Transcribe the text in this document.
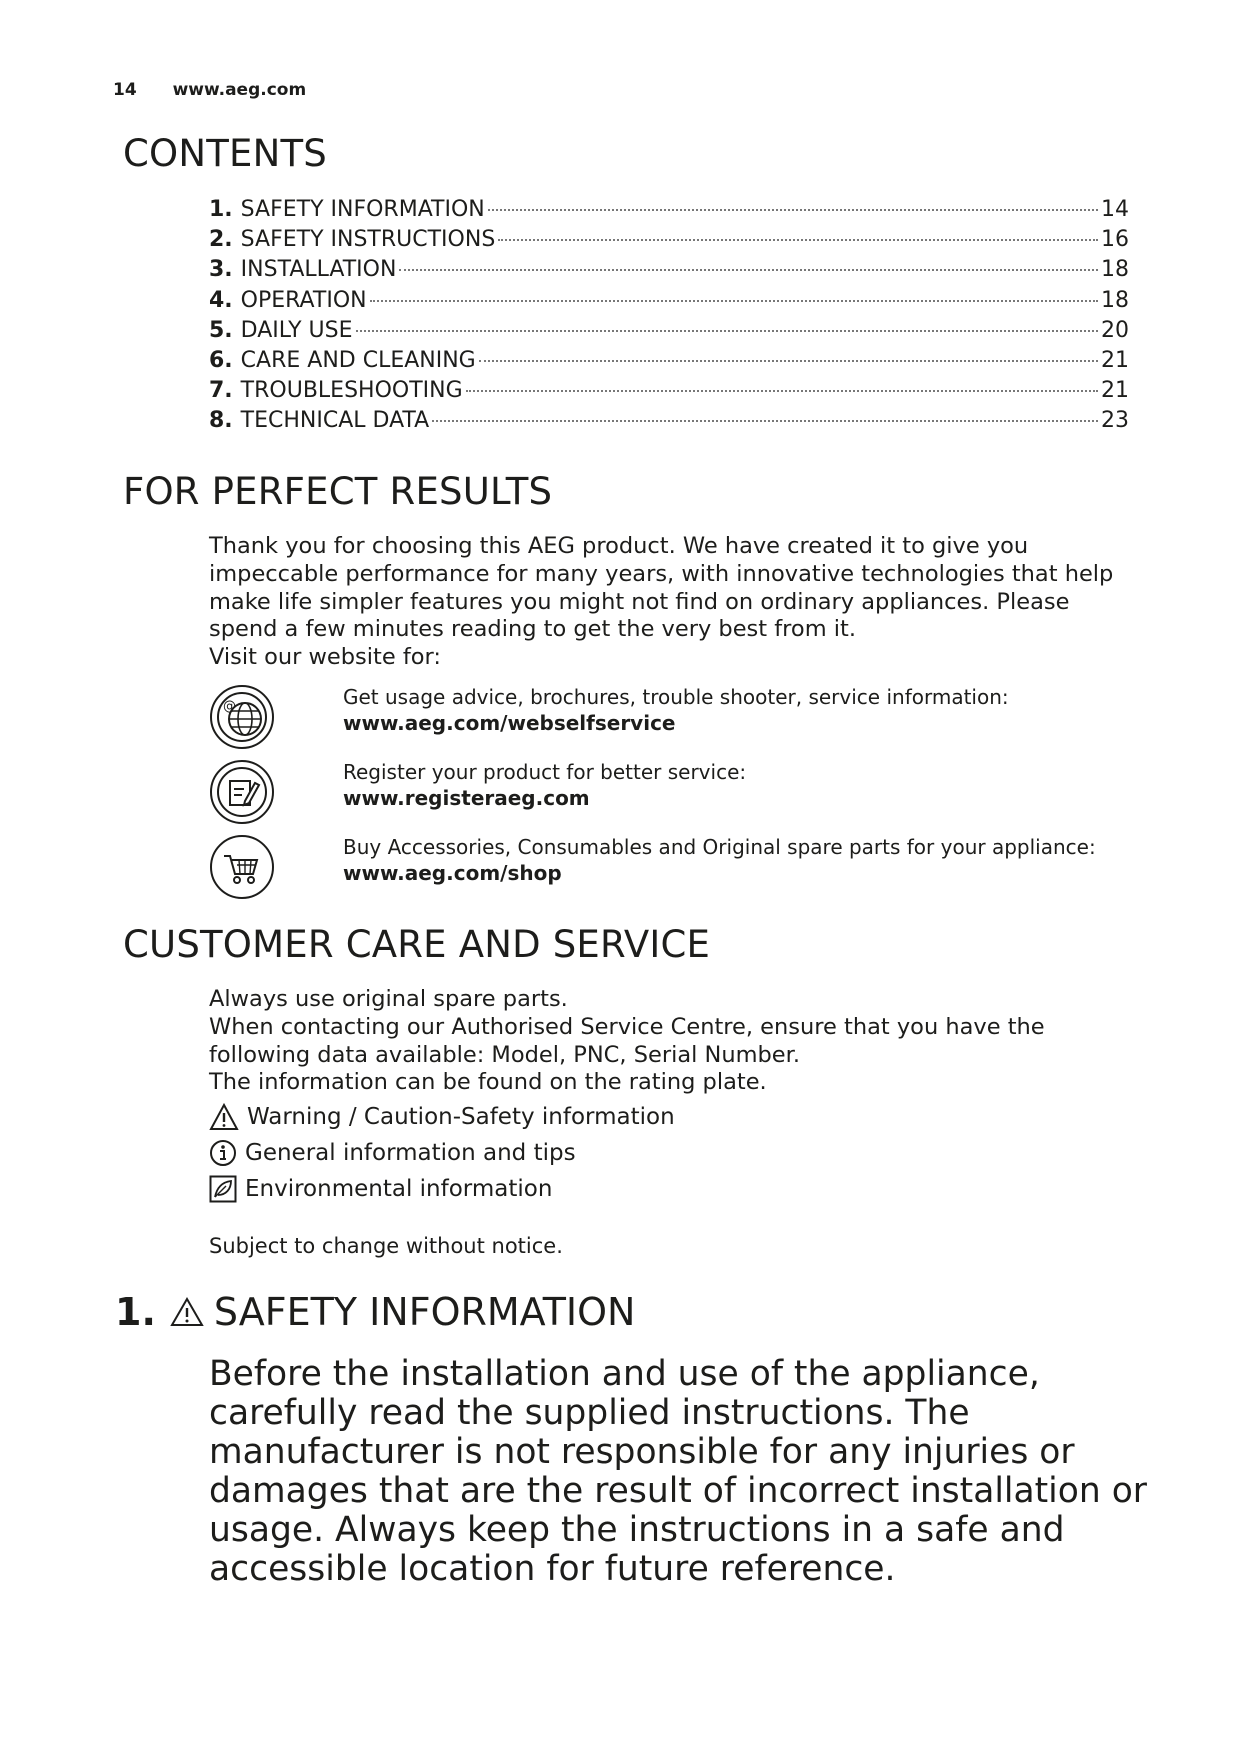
14 www.aeg.com
CONTENTS
1. SAFETY INFORMATION	14
2. SAFETY INSTRUCTIONS	16
3. INSTALLATION	18
4. OPERATION	18
5. DAILY USE	20
6. CARE AND CLEANING	21
7. TROUBLESHOOTING	21
8. TECHNICAL DATA	23
FOR PERFECT RESULTS
Thank you for choosing this AEG product. We have created it to give you
impeccable performance for many years, with innovative technologies that help
make life simpler features you might not find on ordinary appliances. Please
spend a few minutes reading to get the very best from it.
Visit our website for:
@	Get usage advice, brochures, trouble shooter, service information:
www.aeg.com/webselfservice
Register your product for better service:
www.registeraeg.com
Buy Accessories, Consumables and Original spare parts for your appliance:
www.aeg.com/shop
CUSTOMER CARE AND SERVICE
Always use original spare parts.
When contacting our Authorised Service Centre, ensure that you have the
following data available: Model, PNC, Serial Number.
The information can be found on the rating plate.
Warning / Caution-Safety information
General information and tips
Environmental information
Subject to change without notice.
1. SAFETY INFORMATION
Before the installation and use of the appliance,
carefully read the supplied instructions. The
manufacturer is not responsible for any injuries or
damages that are the result of incorrect installation or
usage. Always keep the instructions in a safe and
accessible location for future reference.
